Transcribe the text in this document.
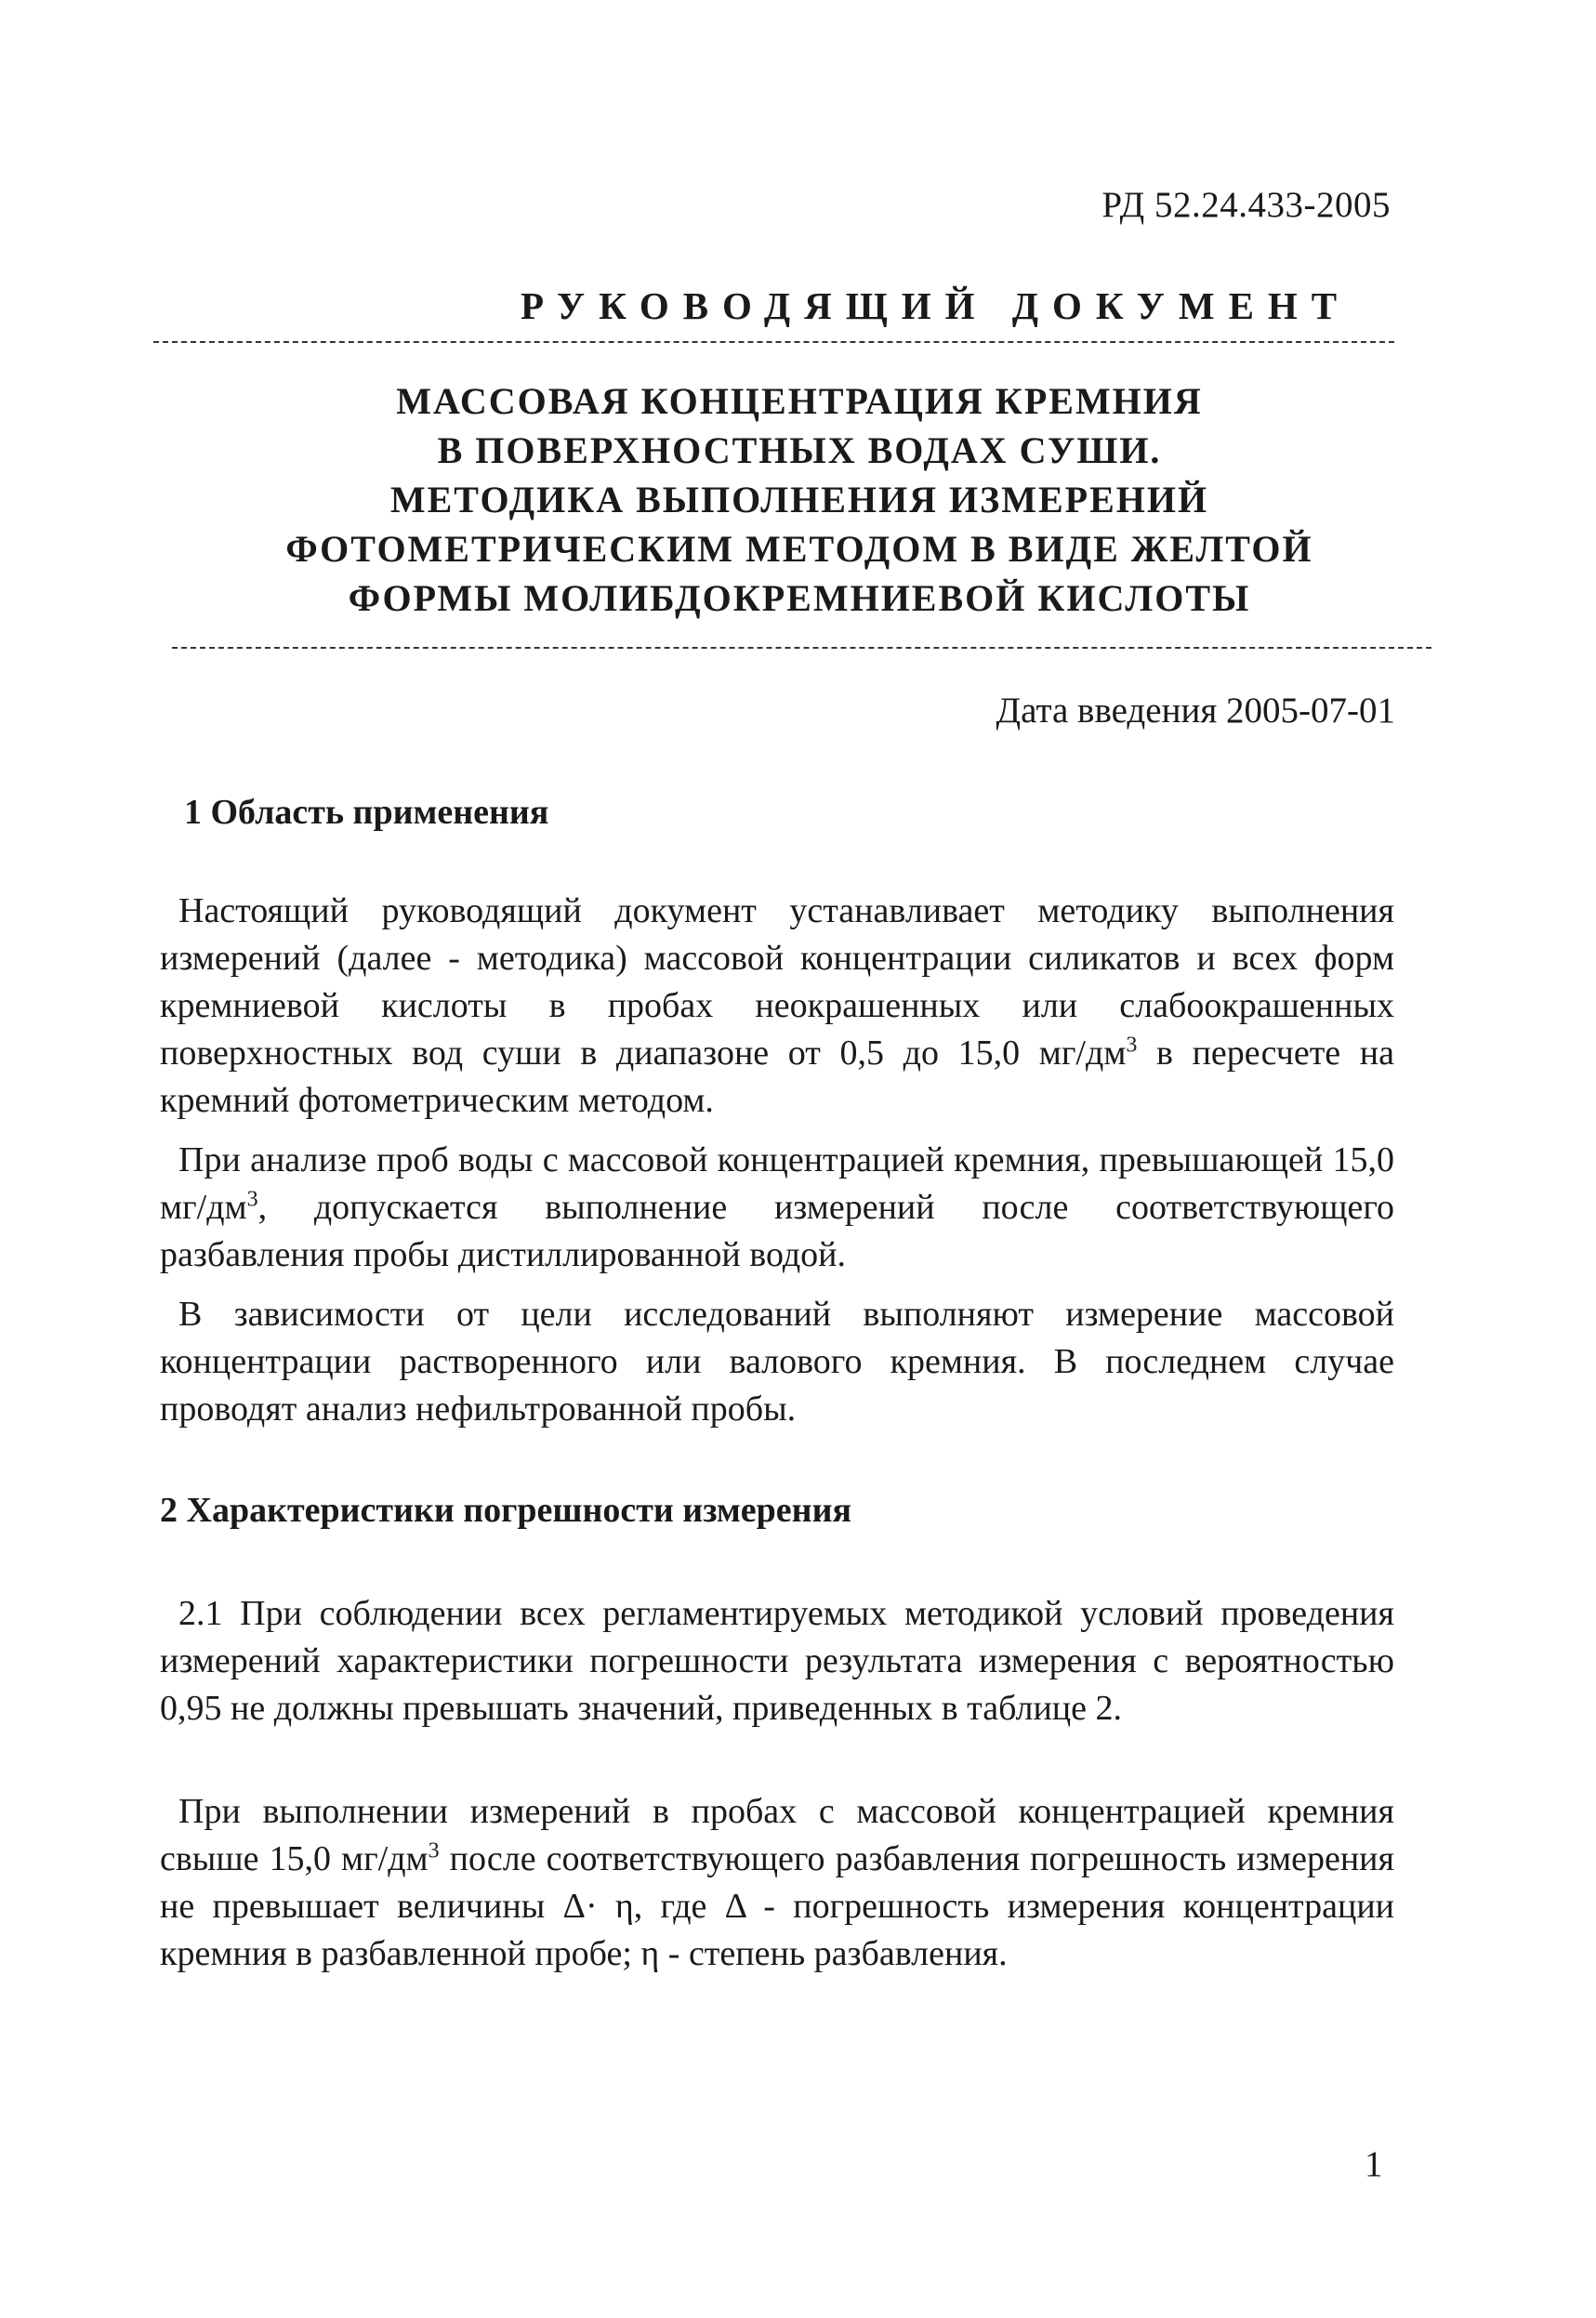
РД 52.24.433-2005
РУКОВОДЯЩИЙ ДОКУМЕНТ
МАССОВАЯ КОНЦЕНТРАЦИЯ КРЕМНИЯ
В ПОВЕРХНОСТНЫХ ВОДАХ СУШИ.
МЕТОДИКА ВЫПОЛНЕНИЯ ИЗМЕРЕНИЙ
ФОТОМЕТРИЧЕСКИМ МЕТОДОМ В ВИДЕ ЖЕЛТОЙ
ФОРМЫ МОЛИБДОКРЕМНИЕВОЙ КИСЛОТЫ
Дата введения 2005-07-01
1 Область применения

Настоящий руководящий документ устанавливает методику выполнения измерений (далее - методика) массовой концентрации силикатов и всех форм кремниевой кислоты в пробах неокрашенных или слабоокрашенных поверхностных вод суши в диапазоне от 0,5 до 15,0 $мг/дм^3$ в пересчете на кремний фотометрическим методом.

При анализе проб воды с массовой концентрацией кремния, превышающей 15,0 $мг/дм^3$, допускается выполнение измерений после соответствующего разбавления пробы дистиллированной водой.

В зависимости от цели исследований выполняют измерение массовой концентрации растворенного или валового кремния. В последнем случае проводят анализ нефильтрованной пробы.

2 Характеристики погрешности измерения

2.1 При соблюдении всех регламентируемых методикой условий проведения измерений характеристики погрешности результата измерения с вероятностью 0,95 не должны превышать значений, приведенных в таблице 2.

При выполнении измерений в пробах с массовой концентрацией кремния свыше 15,0 $мг/дм^3$ после соответствующего разбавления погрешность измерения не превышает величины Δ· η, где Δ - погрешность измерения концентрации кремния в разбавленной пробе; η - степень разбавления.

1
